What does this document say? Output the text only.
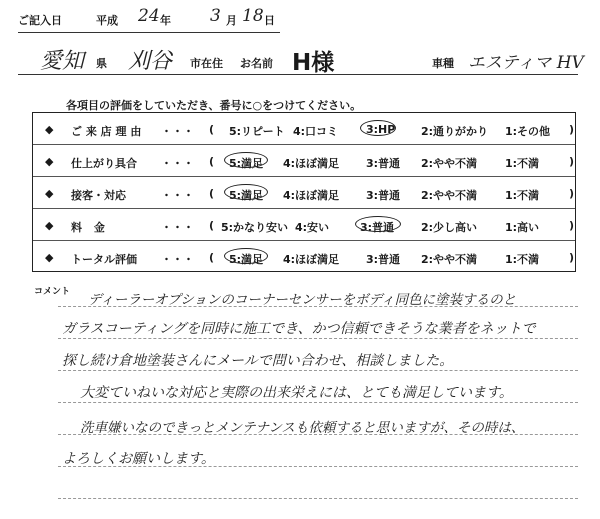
ご記入日	平成 24 年 3 月 18 日
愛知 県 刈谷 市在住 お名前 H様	車種 エスティマ HV
各項目の評価をしていただき、番号に○をつけてください。
◆ ご 来 店 理 由 ・・・ ( 5:リピート 4:口コミ	3:HP 2:通りがかり 1:その他 )
◆ 仕上がり具合 ・・・ ( 5:満足 4:ほぼ満足 3:普通 2:やや不満	1:不満	)
◆ 接客・対応	・・・ ( 5:満足 4:ほぼ満足 3:普通 2:やや不満	1:不満	)
◆ 料 金	・・・ ( 5:かなり安い 4:安い	3:普通 2:少し高い	1:高い	)
◆ トータル評価 ・・・ ( 5:満足 4:ほぼ満足 3:普通 2:やや不満	1:不満	)
コメント ディーラーオプションのコーナーセンサーをボディ同色に塗装するのと
ガラスコーティングを同時に施工でき、かつ信頼できそうな業者をネットで
探し続け倉地塗装さんにメールで問い合わせ、相談しました。
大変ていねいな対応と実際の出来栄えには、とても満足しています。
洗車嫌いなのできっとメンテナンスも依頼すると思いますが、その時は、
よろしくお願いします。
